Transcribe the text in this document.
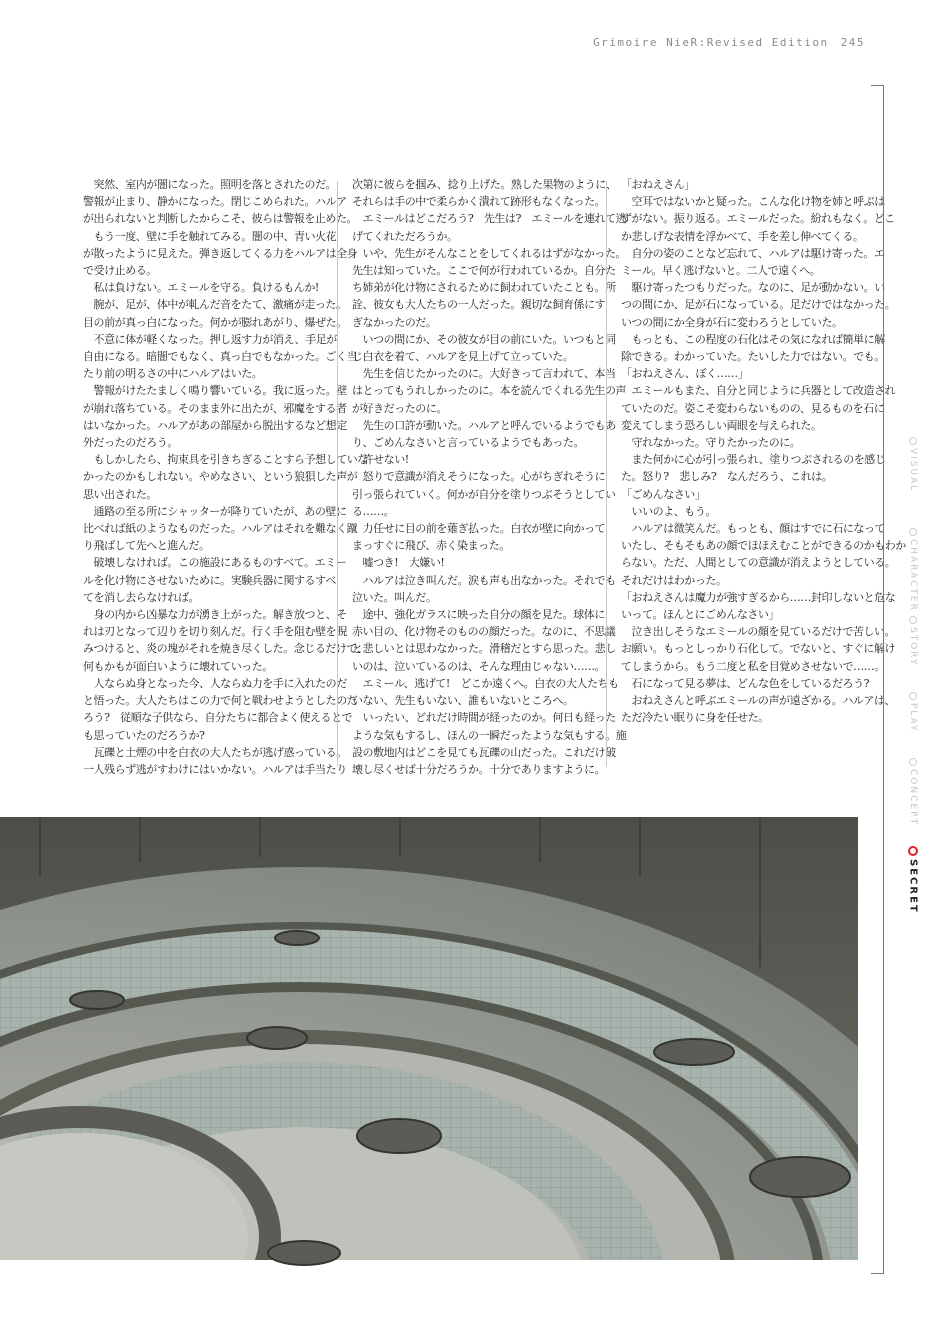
Grimoire NieR:Revised Edition 245

　突然、室内が闇になった。照明を落とされたのだ。

警報が止まり、静かになった。閉じこめられた。ハルア

が出られないと判断したからこそ、彼らは警報を止めた。

　もう一度、壁に手を触れてみる。闇の中、青い火花

が散ったように見えた。弾き返してくる力をハルアは全身

で受け止める。

　私は負けない。エミールを守る。負けるもんか!

　腕が、足が、体中が軋んだ音をたて、激痛が走った。

目の前が真っ白になった。何かが膨れあがり、爆ぜた。

　不意に体が軽くなった。押し返す力が消え、手足が

自由になる。暗闇でもなく、真っ白でもなかった。ごく当

たり前の明るさの中にハルアはいた。

　警報がけたたましく鳴り響いている。我に返った。壁

が崩れ落ちている。そのまま外に出たが、邪魔をする者

はいなかった。ハルアがあの部屋から脱出するなど想定

外だったのだろう。

　もしかしたら、拘束具を引きちぎることすら予想していな

かったのかもしれない。やめなさい、という狼狽した声が

思い出された。

　通路の至る所にシャッターが降りていたが、あの壁に

比べれば紙のようなものだった。ハルアはそれを難なく蹴

り飛ばして先へと進んだ。

　破壊しなければ。この施設にあるものすべて。エミー

ルを化け物にさせないために。実験兵器に関するすべ

てを消し去らなければ。

　身の内から凶暴な力が湧き上がった。解き放つと、そ

れは刃となって辺りを切り刻んだ。行く手を阻む壁を睨

みつけると、炎の塊がそれを焼き尽くした。念じるだけで、

何もかもが面白いように壊れていった。

　人ならぬ身となった今、人ならぬ力を手に入れたのだ

と悟った。大人たちはこの力で何と戦わせようとしたのだ

ろう?　従順な子供なら、自分たちに都合よく使えるとで

も思っていたのだろうか?

　瓦礫と土煙の中を白衣の大人たちが逃げ惑っている。

一人残らず逃がすわけにはいかない。ハルアは手当たり

次第に彼らを掴み、捻り上げた。熟した果物のように、

それらは手の中で柔らかく潰れて跡形もなくなった。

　エミールはどこだろう?　先生は?　エミールを連れて逃

げてくれただろうか。

　いや、先生がそんなことをしてくれるはずがなかった。

先生は知っていた。ここで何が行われているか。自分た

ち姉弟が化け物にされるために飼われていたことも。所

詮、彼女も大人たちの一人だった。親切な飼育係にす

ぎなかったのだ。

　いつの間にか、その彼女が目の前にいた。いつもと同

じ白衣を着て、ハルアを見上げて立っていた。

　先生を信じたかったのに。大好きって言われて、本当

はとってもうれしかったのに。本を読んでくれる先生の声

が好きだったのに。

　先生の口許が動いた。ハルアと呼んでいるようでもあ

り、ごめんなさいと言っているようでもあった。

　許せない!

　怒りで意識が消えそうになった。心がちぎれそうに

引っ張られていく。何かが自分を塗りつぶそうとしてい

る……。

　力任せに目の前を薙ぎ払った。白衣が壁に向かって

まっすぐに飛び、赤く染まった。

　嘘つき!　大嫌い!

　ハルアは泣き叫んだ。涙も声も出なかった。それでも

泣いた。叫んだ。

　途中、強化ガラスに映った自分の顔を見た。球体に

赤い目の、化け物そのものの顔だった。なのに、不思議

と悲しいとは思わなかった。滑稽だとすら思った。悲し

いのは、泣いているのは、そんな理由じゃない……。

　エミール、逃げて!　どこか遠くへ。白衣の大人たちも

いない、先生もいない、誰もいないところへ。

　いったい、どれだけ時間が経ったのか。何日も経った

ような気もするし、ほんの一瞬だったような気もする。施

設の敷地内はどこを見ても瓦礫の山だった。これだけ破

壊し尽くせば十分だろうか。十分でありますように。

「おねえさん」

　空耳ではないかと疑った。こんな化け物を姉と呼ぶは

ずがない。振り返る。エミールだった。紛れもなく。どこ

か悲しげな表情を浮かべて、手を差し伸べてくる。

　自分の姿のことなど忘れて、ハルアは駆け寄った。エ

ミール。早く逃げないと。二人で遠くへ。

　駆け寄ったつもりだった。なのに、足が動かない。い

つの間にか、足が石になっている。足だけではなかった。

いつの間にか全身が石に変わろうとしていた。

　もっとも、この程度の石化はその気になれば簡単に解

除できる。わかっていた。たいした力ではない。でも。

「おねえさん、ぼく……」

　エミールもまた、自分と同じように兵器として改造され

ていたのだ。姿こそ変わらないものの、見るものを石に

変えてしまう恐ろしい両眼を与えられた。

　守れなかった。守りたかったのに。

　また何かに心が引っ張られ、塗りつぶされるのを感じ

た。怒り?　悲しみ?　なんだろう、これは。

「ごめんなさい」

　いいのよ、もう。

　ハルアは微笑んだ。もっとも、顔はすでに石になって

いたし、そもそもあの顔でほほえむことができるのかもわか

らない。ただ、人間としての意識が消えようとしている。

それだけはわかった。

「おねえさんは魔力が強すぎるから……封印しないと危な

いって。ほんとにごめんなさい」

　泣き出しそうなエミールの顔を見ているだけで苦しい。

お願い。もっとしっかり石化して。でないと、すぐに解け

てしまうから。もう二度と私を目覚めさせないで……。

　石になって見る夢は、どんな色をしているだろう?

　おねえさんと呼ぶエミールの声が遠ざかる。ハルアは、

ただ冷たい眠りに身を任せた。

VISUAL
CHARACTER
STORY
PLAY
CONCEPT
SECRET
